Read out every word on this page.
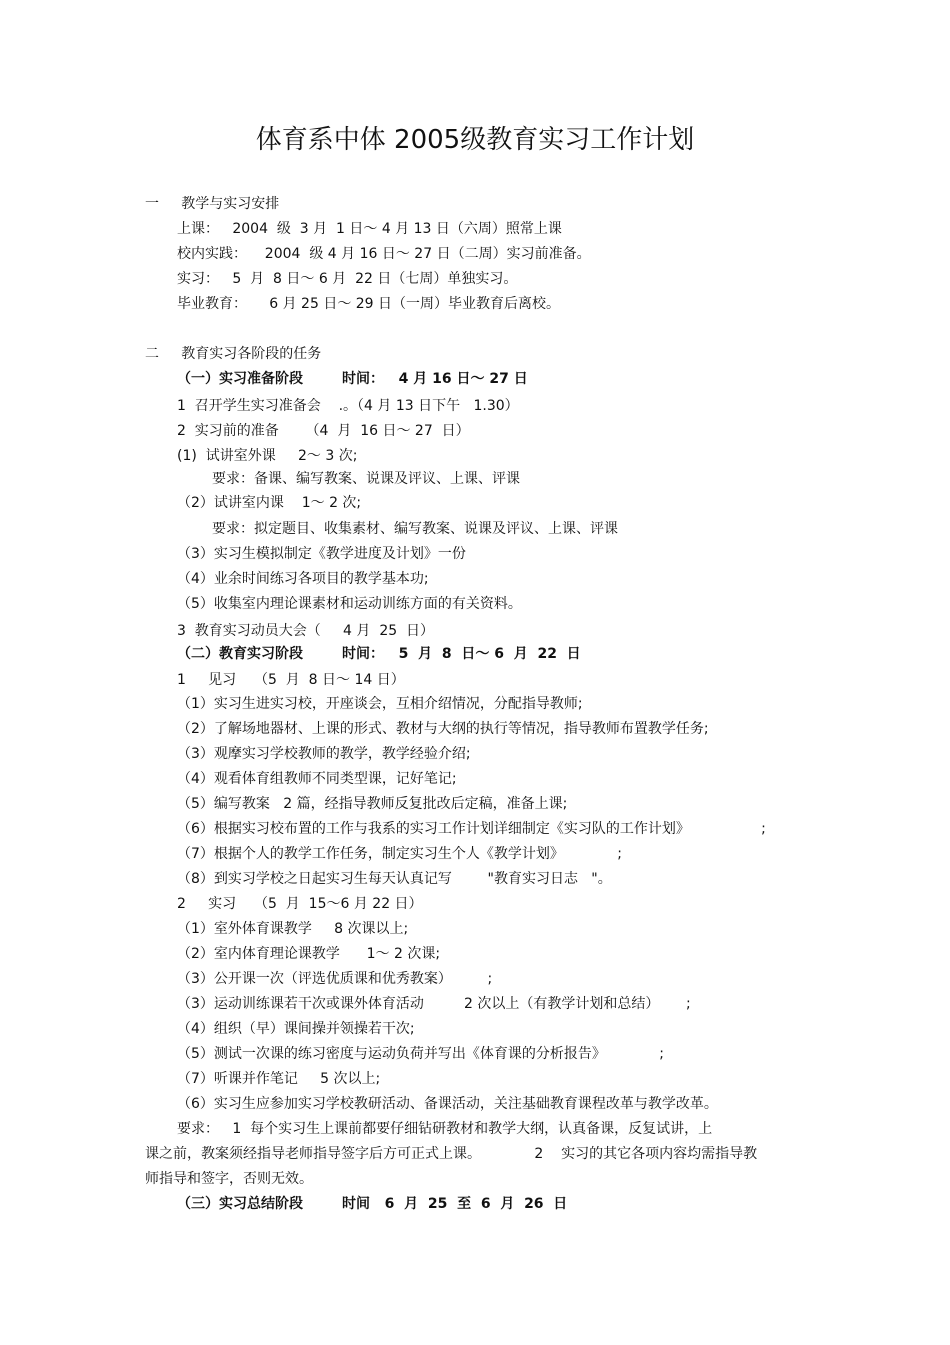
体育系中体 2005级教育实习工作计划
一     教学与实习安排
上课：   2004  级  3 月  1 日～ 4 月 13 日（六周）照常上课
校内实践：    2004  级 4 月 16 日～ 27 日（二周）实习前准备。
实习：   5  月  8 日～ 6 月  22 日（七周）单独实习。
毕业教育：     6 月 25 日～ 29 日（一周）毕业教育后离校。
二     教育实习各阶段的任务
（一）实习准备阶段        时间：   4 月 16 日～ 27 日
1  召开学生实习准备会    .。（4 月 13 日下午   1.30）
2  实习前的准备      （4  月  16 日～ 27  日）
(1)  试讲室外课     2～ 3 次;
要求：备课、编写教案、说课及评议、上课、评课
（2）试讲室内课    1～ 2 次;
要求：拟定题目、收集素材、编写教案、说课及评议、上课、评课
（3）实习生模拟制定《教学进度及计划》一份
（4）业余时间练习各项目的教学基本功;
（5）收集室内理论课素材和运动训练方面的有关资料。
3  教育实习动员大会（     4 月  25  日）
（二）教育实习阶段        时间：   5  月  8  日～ 6  月  22  日
1     见习    （5  月  8 日～ 14 日）
（1）实习生进实习校，开座谈会，互相介绍情况，分配指导教师;
（2）了解场地器材、上课的形式、教材与大纲的执行等情况，指导教师布置教学任务;
（3）观摩实习学校教师的教学，教学经验介绍;
（4）观看体育组教师不同类型课，记好笔记;
（5）编写教案   2 篇，经指导教师反复批改后定稿，准备上课;
（6）根据实习校布置的工作与我系的实习工作计划详细制定《实习队的工作计划》                ;
（7）根据个人的教学工作任务，制定实习生个人《教学计划》            ;
（8）到实习学校之日起实习生每天认真记写        "教育实习日志   "。
2     实习    （5  月  15～6 月 22 日）
（1）室外体育课教学     8 次课以上;
（2）室内体育理论课教学      1～ 2 次课;
（3）公开课一次（评选优质课和优秀教案）        ;
（3）运动训练课若干次或课外体育活动         2 次以上（有教学计划和总结）      ;
（4）组织（早）课间操并领操若干次;
（5）测试一次课的练习密度与运动负荷并写出《体育课的分析报告》            ;
（7）听课并作笔记     5 次以上;
（6）实习生应参加实习学校教研活动、备课活动，关注基础教育课程改革与教学改革。
要求：   1  每个实习生上课前都要仔细钻研教材和教学大纲，认真备课，反复试讲，上
课之前，教案须经指导老师指导签字后方可正式上课。            2    实习的其它各项内容均需指导教
师指导和签字，否则无效。
（三）实习总结阶段        时间   6  月  25  至  6  月  26  日
